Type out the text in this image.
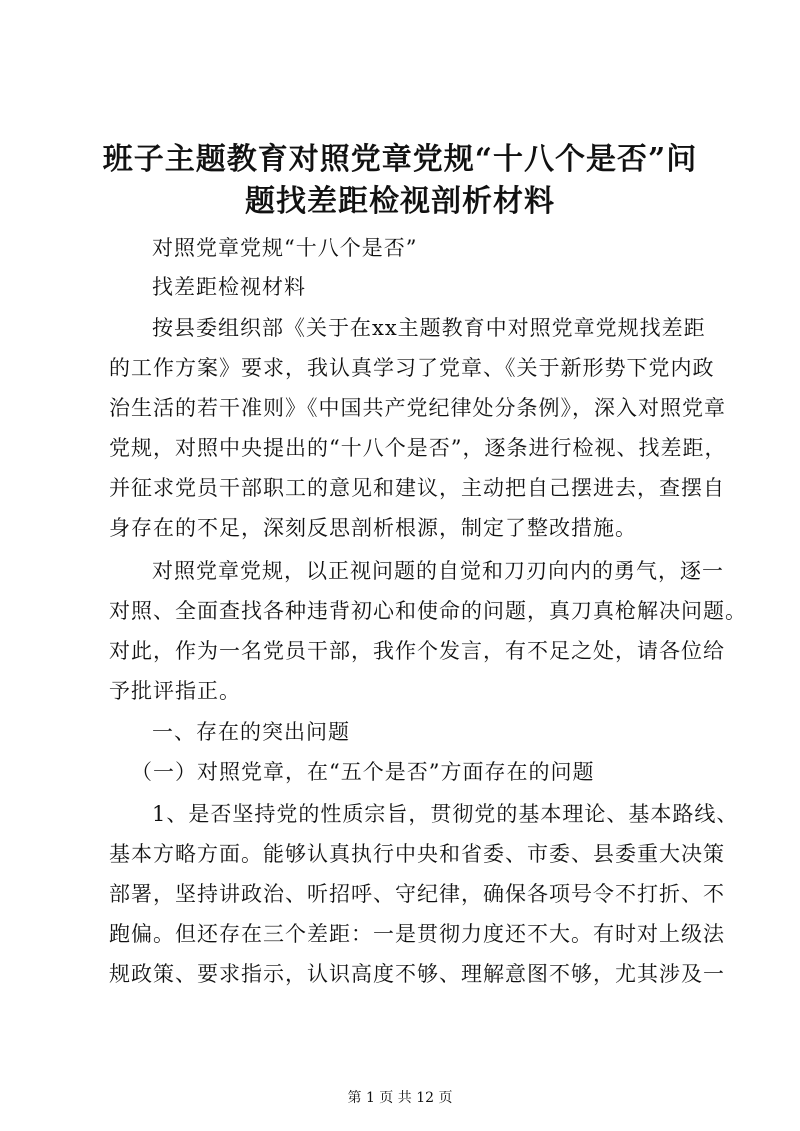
班子主题教育对照党章党规“十八个是否”问
题找差距检视剖析材料
对照党章党规“十八个是否”
找差距检视材料
按县委组织部《关于在xx主题教育中对照党章党规找差距
的工作方案》要求，我认真学习了党章、《关于新形势下党内政
治生活的若干准则》《中国共产党纪律处分条例》，深入对照党章
党规，对照中央提出的“十八个是否”，逐条进行检视、找差距，
并征求党员干部职工的意见和建议，主动把自己摆进去，查摆自
身存在的不足，深刻反思剖析根源，制定了整改措施。
对照党章党规，以正视问题的自觉和刀刃向内的勇气，逐一
对照、全面查找各种违背初心和使命的问题，真刀真枪解决问题。
对此，作为一名党员干部，我作个发言，有不足之处，请各位给
予批评指正。
一、存在的突出问题
（一）对照党章，在“五个是否”方面存在的问题
1、是否坚持党的性质宗旨，贯彻党的基本理论、基本路线、
基本方略方面。能够认真执行中央和省委、市委、县委重大决策
部署，坚持讲政治、听招呼、守纪律，确保各项号令不打折、不
跑偏。但还存在三个差距：一是贯彻力度还不大。有时对上级法
规政策、要求指示，认识高度不够、理解意图不够，尤其涉及一
第 1 页 共 12 页
